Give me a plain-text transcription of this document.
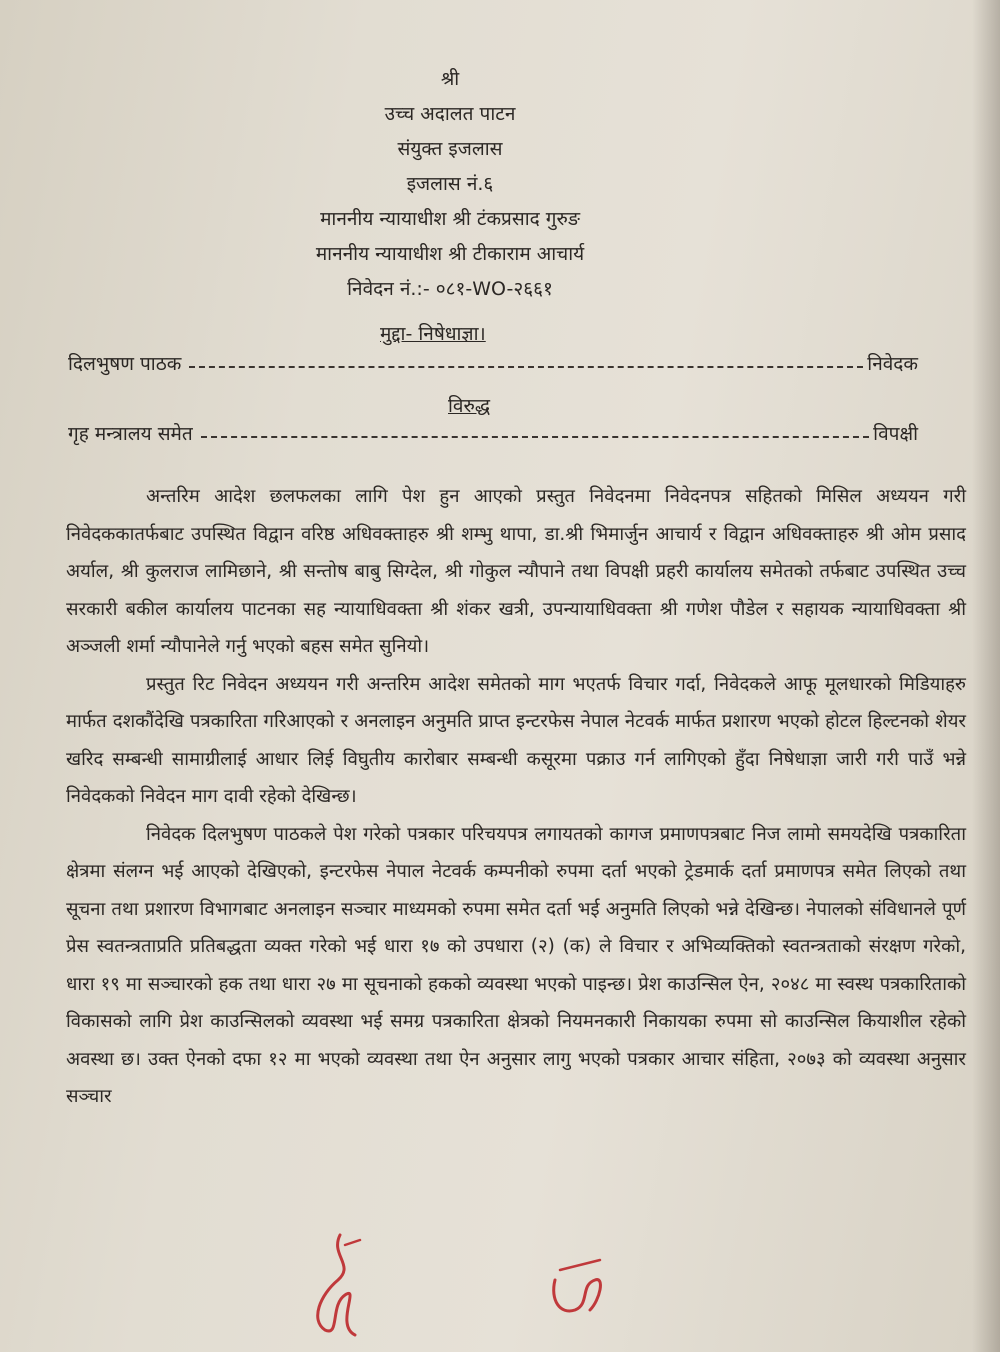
श्री
उच्च अदालत पाटन
संयुक्त इजलास
इजलास नं.६
माननीय न्यायाधीश श्री टंकप्रसाद गुरुङ
माननीय न्यायाधीश श्री टीकाराम आचार्य
निवेदन नं.:- ०८१-WO-२६६१
मुद्दा- निषेधाज्ञा।
दिलभुषण पाठक	निवेदक
विरुद्ध
गृह मन्त्रालय समेत	विपक्षी

अन्तरिम आदेश छलफलका लागि पेश हुन आएको प्रस्तुत निवेदनमा निवेदनपत्र सहितको मिसिल अध्ययन गरी निवेदककातर्फबाट उपस्थित विद्वान वरिष्ठ अधिवक्ताहरु श्री शम्भु थापा, डा.श्री भिमार्जुन आचार्य र विद्वान अधिवक्ताहरु श्री ओम प्रसाद अर्याल, श्री कुलराज लामिछाने, श्री सन्तोष बाबु सिग्देल, श्री गोकुल न्यौपाने तथा विपक्षी प्रहरी कार्यालय समेतको तर्फबाट उपस्थित उच्च सरकारी बकील कार्यालय पाटनका सह न्यायाधिवक्ता श्री शंकर खत्री, उपन्यायाधिवक्ता श्री गणेश पौडेल र सहायक न्यायाधिवक्ता श्री अञ्जली शर्मा न्यौपानेले गर्नु भएको बहस समेत सुनियो।

प्रस्तुत रिट निवेदन अध्ययन गरी अन्तरिम आदेश समेतको माग भएतर्फ विचार गर्दा, निवेदकले आफू मूलधारको मिडियाहरु मार्फत दशकौंदेखि पत्रकारिता गरिआएको र अनलाइन अनुमति प्राप्त इन्टरफेस नेपाल नेटवर्क मार्फत प्रशारण भएको होटल हिल्टनको शेयर खरिद सम्बन्धी सामाग्रीलाई आधार लिई विघुतीय कारोबार सम्बन्धी कसूरमा पक्राउ गर्न लागिएको हुँदा निषेधाज्ञा जारी गरी पाउँ भन्ने निवेदकको निवेदन माग दावी रहेको देखिन्छ।

निवेदक दिलभुषण पाठकले पेश गरेको पत्रकार परिचयपत्र लगायतको कागज प्रमाणपत्रबाट निज लामो समयदेखि पत्रकारिता क्षेत्रमा संलग्न भई आएको देखिएको, इन्टरफेस नेपाल नेटवर्क कम्पनीको रुपमा दर्ता भएको ट्रेडमार्क दर्ता प्रमाणपत्र समेत लिएको तथा सूचना तथा प्रशारण विभागबाट अनलाइन सञ्चार माध्यमको रुपमा समेत दर्ता भई अनुमति लिएको भन्ने देखिन्छ। नेपालको संविधानले पूर्ण प्रेस स्वतन्त्रताप्रति प्रतिबद्धता व्यक्त गरेको भई धारा १७ को उपधारा (२) (क) ले विचार र अभिव्यक्तिको स्वतन्त्रताको संरक्षण गरेको, धारा १९ मा सञ्चारको हक तथा धारा २७ मा सूचनाको हकको व्यवस्था भएको पाइन्छ। प्रेश काउन्सिल ऐन, २०४८ मा स्वस्थ पत्रकारिताको विकासको लागि प्रेश काउन्सिलको व्यवस्था भई समग्र पत्रकारिता क्षेत्रको नियमनकारी निकायका रुपमा सो काउन्सिल कियाशील रहेको अवस्था छ। उक्त ऐनको दफा १२ मा भएको व्यवस्था तथा ऐन अनुसार लागु भएको पत्रकार आचार संहिता, २०७३ को व्यवस्था अनुसार सञ्चार
